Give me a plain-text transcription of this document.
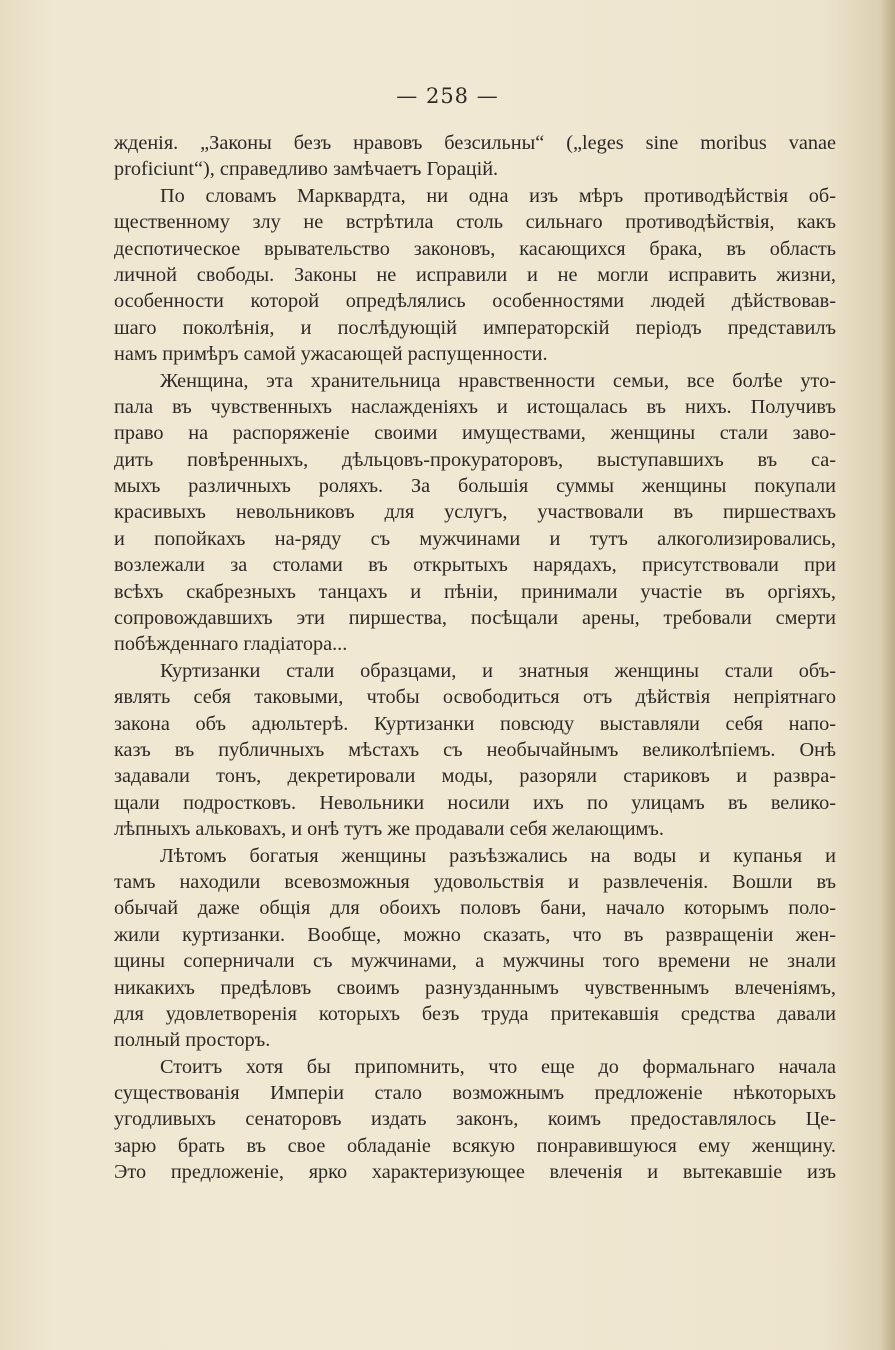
— 258 —
жденія. „Законы безъ нравовъ безсильны“ („leges sine moribus vanae
proficiunt“), справедливо замѣчаетъ Горацій.
По словамъ Марквардта, ни одна изъ мѣръ противодѣйствія об-
щественному злу не встрѣтила столь сильнаго противодѣйствія, какъ
деспотическое врывательство законовъ, касающихся брака, въ область
личной свободы. Законы не исправили и не могли исправить жизни,
особенности которой опредѣлялись особенностями людей дѣйствовав-
шаго поколѣнія, и послѣдующій императорскій періодъ представилъ
намъ примѣръ самой ужасающей распущенности.
Женщина, эта хранительница нравственности семьи, все болѣе уто-
пала въ чувственныхъ наслажденіяхъ и истощалась въ нихъ. Получивъ
право на распоряженіе своими имуществами, женщины стали заво-
дить повѣренныхъ, дѣльцовъ-прокураторовъ, выступавшихъ въ са-
мыхъ различныхъ роляхъ. За большія суммы женщины покупали
красивыхъ невольниковъ для услугъ, участвовали въ пиршествахъ
и попойкахъ на-ряду съ мужчинами и тутъ алкоголизировались,
возлежали за столами въ открытыхъ нарядахъ, присутствовали при
всѣхъ скабрезныхъ танцахъ и пѣніи, принимали участіе въ оргіяхъ,
сопровождавшихъ эти пиршества, посѣщали арены, требовали смерти
побѣжденнаго гладіатора...
Куртизанки стали образцами, и знатныя женщины стали объ-
являть себя таковыми, чтобы освободиться отъ дѣйствія непріятнаго
закона объ адюльтерѣ. Куртизанки повсюду выставляли себя напо-
казъ въ публичныхъ мѣстахъ съ необычайнымъ великолѣпіемъ. Онѣ
задавали тонъ, декретировали моды, разоряли стариковъ и развра-
щали подростковъ. Невольники носили ихъ по улицамъ въ велико-
лѣпныхъ альковахъ, и онѣ тутъ же продавали себя желающимъ.
Лѣтомъ богатыя женщины разъѣзжались на воды и купанья и
тамъ находили всевозможныя удовольствія и развлеченія. Вошли въ
обычай даже общія для обоихъ половъ бани, начало которымъ поло-
жили куртизанки. Вообще, можно сказать, что въ развращеніи жен-
щины соперничали съ мужчинами, а мужчины того времени не знали
никакихъ предѣловъ своимъ разнузданнымъ чувственнымъ влеченіямъ,
для удовлетворенія которыхъ безъ труда притекавшія средства давали
полный просторъ.
Стоитъ хотя бы припомнить, что еще до формальнаго начала
существованія Имперіи стало возможнымъ предложеніе нѣкоторыхъ
угодливыхъ сенаторовъ издать законъ, коимъ предоставлялось Це-
зарю брать въ свое обладаніе всякую понравившуюся ему женщину.
Это предложеніе, ярко характеризующее влеченія и вытекавшіе изъ
